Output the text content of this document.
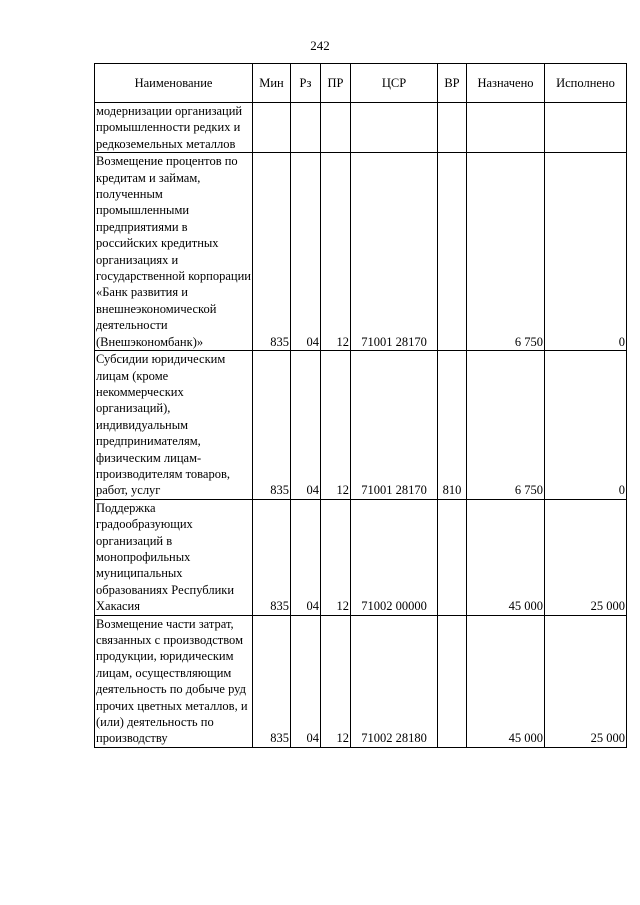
242
Наименование	Мин	Рз	ПР	ЦСР	ВР	Назначено	Исполнено
модернизации организаций промышленности редких и редкоземельных металлов							
Возмещение процентов по кредитам и займам, полученным промышленными предприятиями в российских кредитных организациях и государственной корпорации «Банк развития и внешнеэкономической деятельности (Внешэкономбанк)»	835	04	12	71001 28170		6 750	0
Субсидии юридическим лицам (кроме некоммерческих организаций), индивидуальным предпринимателям, физическим лицам-производителям товаров, работ, услуг	835	04	12	71001 28170	810	6 750	0
Поддержка градообразующих организаций в монопрофильных муниципальных образованиях Республики Хакасия	835	04	12	71002 00000		45 000	25 000
Возмещение части затрат, связанных с производством продукции, юридическим лицам, осуществляющим деятельность по добыче руд прочих цветных металлов, и (или) деятельность по производству	835	04	12	71002 28180		45 000	25 000
